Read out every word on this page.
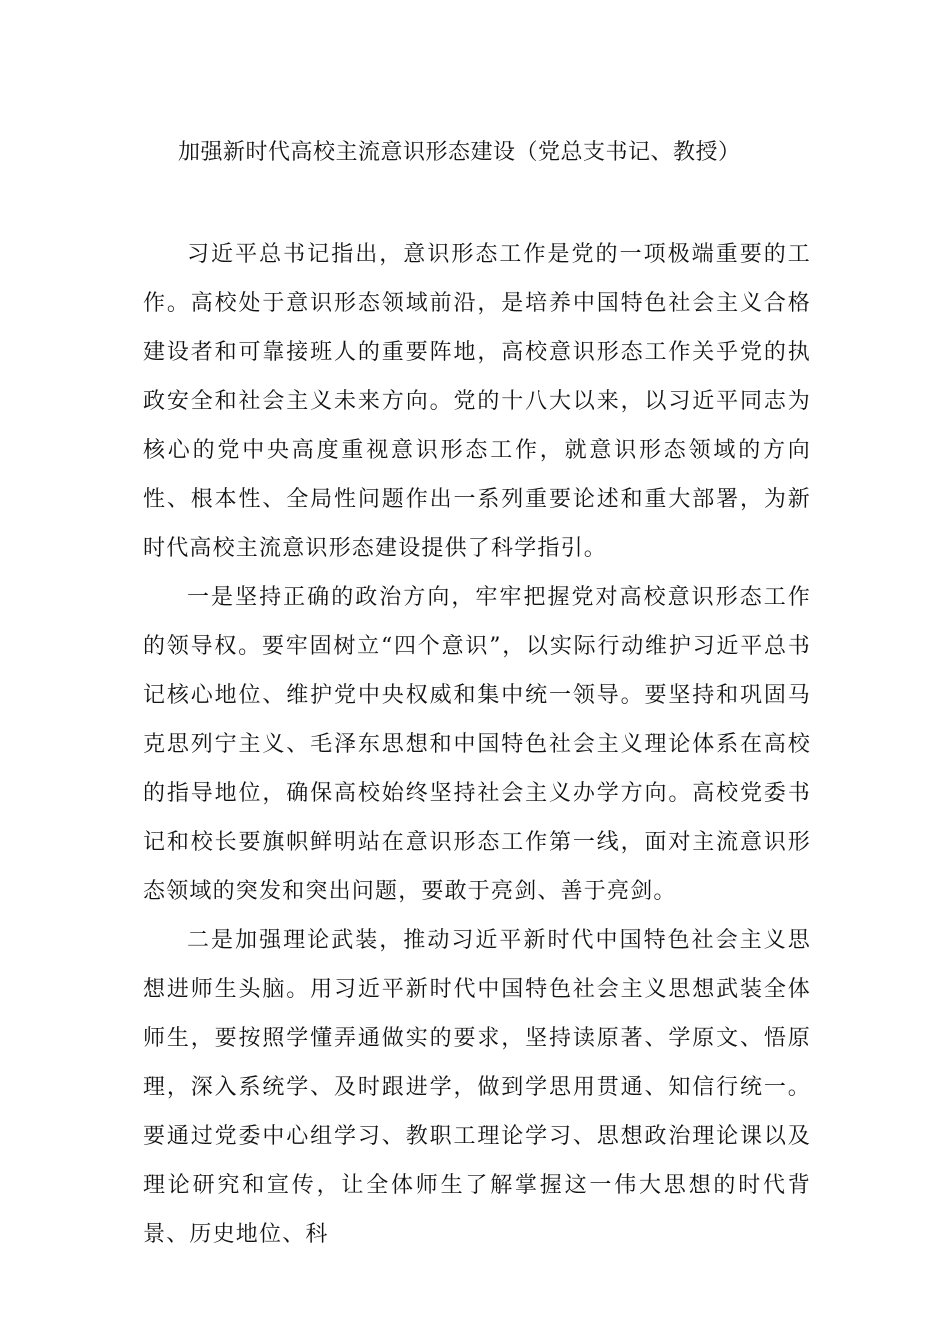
加强新时代高校主流意识形态建设（党总支书记、教授）

习近平总书记指出，意识形态工作是党的一项极端重要的工作。高校处于意识形态领域前沿，是培养中国特色社会主义合格建设者和可靠接班人的重要阵地，高校意识形态工作关乎党的执政安全和社会主义未来方向。党的十八大以来，以习近平同志为核心的党中央高度重视意识形态工作，就意识形态领域的方向性、根本性、全局性问题作出一系列重要论述和重大部署，为新时代高校主流意识形态建设提供了科学指引。

一是坚持正确的政治方向，牢牢把握党对高校意识形态工作的领导权。要牢固树立“四个意识”，以实际行动维护习近平总书记核心地位、维护党中央权威和集中统一领导。要坚持和巩固马克思列宁主义、毛泽东思想和中国特色社会主义理论体系在高校的指导地位，确保高校始终坚持社会主义办学方向。高校党委书记和校长要旗帜鲜明站在意识形态工作第一线，面对主流意识形态领域的突发和突出问题，要敢于亮剑、善于亮剑。

二是加强理论武装，推动习近平新时代中国特色社会主义思想进师生头脑。用习近平新时代中国特色社会主义思想武装全体师生，要按照学懂弄通做实的要求，坚持读原著、学原文、悟原理，深入系统学、及时跟进学，做到学思用贯通、知信行统一。要通过党委中心组学习、教职工理论学习、思想政治理论课以及理论研究和宣传，让全体师生了解掌握这一伟大思想的时代背景、历史地位、科
